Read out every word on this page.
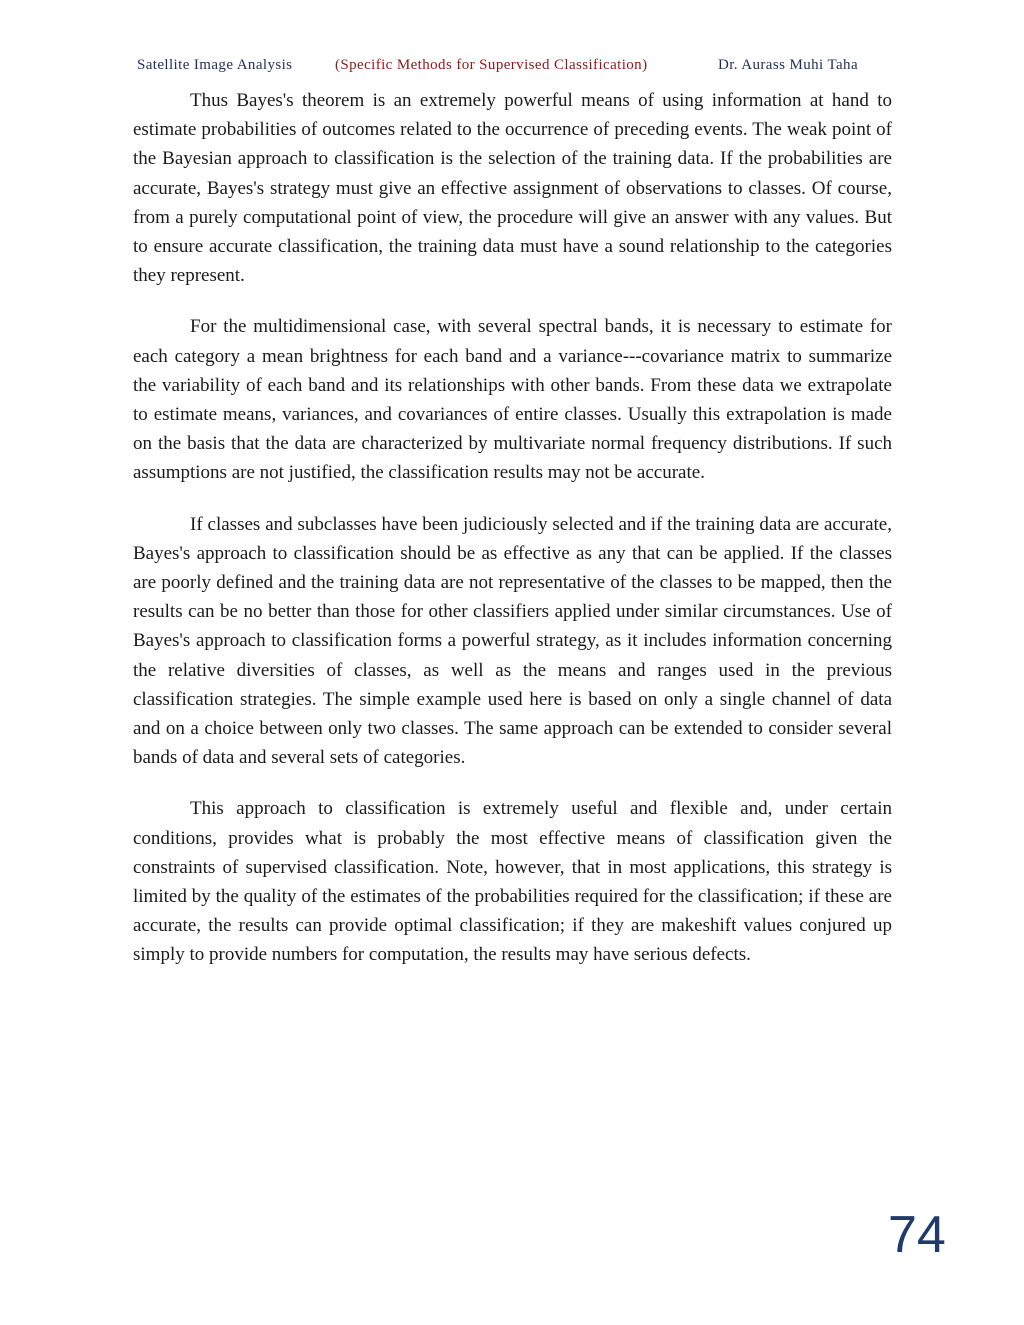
Satellite Image Analysis	(Specific Methods for Supervised Classification)	Dr. Aurass Muhi Taha

Thus Bayes's theorem is an extremely powerful means of using information at hand to estimate probabilities of outcomes related to the occurrence of preceding events. The weak point of the Bayesian approach to classification is the selection of the training data. If the probabilities are accurate, Bayes's strategy must give an effective assignment of observations to classes. Of course, from a purely computational point of view, the procedure will give an answer with any values. But to ensure accurate classification, the training data must have a sound relationship to the categories they represent.

For the multidimensional case, with several spectral bands, it is necessary to estimate for each category a mean brightness for each band and a variance---covariance matrix to summarize the variability of each band and its relationships with other bands. From these data we extrapolate to estimate means, variances, and covariances of entire classes. Usually this extrapolation is made on the basis that the data are characterized by multivariate normal frequency distributions. If such assumptions are not justified, the classification results may not be accurate.

If classes and subclasses have been judiciously selected and if the training data are accurate, Bayes's approach to classification should be as effective as any that can be applied. If the classes are poorly defined and the training data are not representative of the classes to be mapped, then the results can be no better than those for other classifiers applied under similar circumstances. Use of Bayes's approach to classification forms a powerful strategy, as it includes information concerning the relative diversities of classes, as well as the means and ranges used in the previous classification strategies. The simple example used here is based on only a single channel of data and on a choice between only two classes. The same approach can be extended to consider several bands of data and several sets of categories.

This approach to classification is extremely useful and flexible and, under certain conditions, provides what is probably the most effective means of classification given the constraints of supervised classification. Note, however, that in most applications, this strategy is limited by the quality of the estimates of the probabilities required for the classification; if these are accurate, the results can provide optimal classification; if they are makeshift values conjured up simply to provide numbers for computation, the results may have serious defects.

74
